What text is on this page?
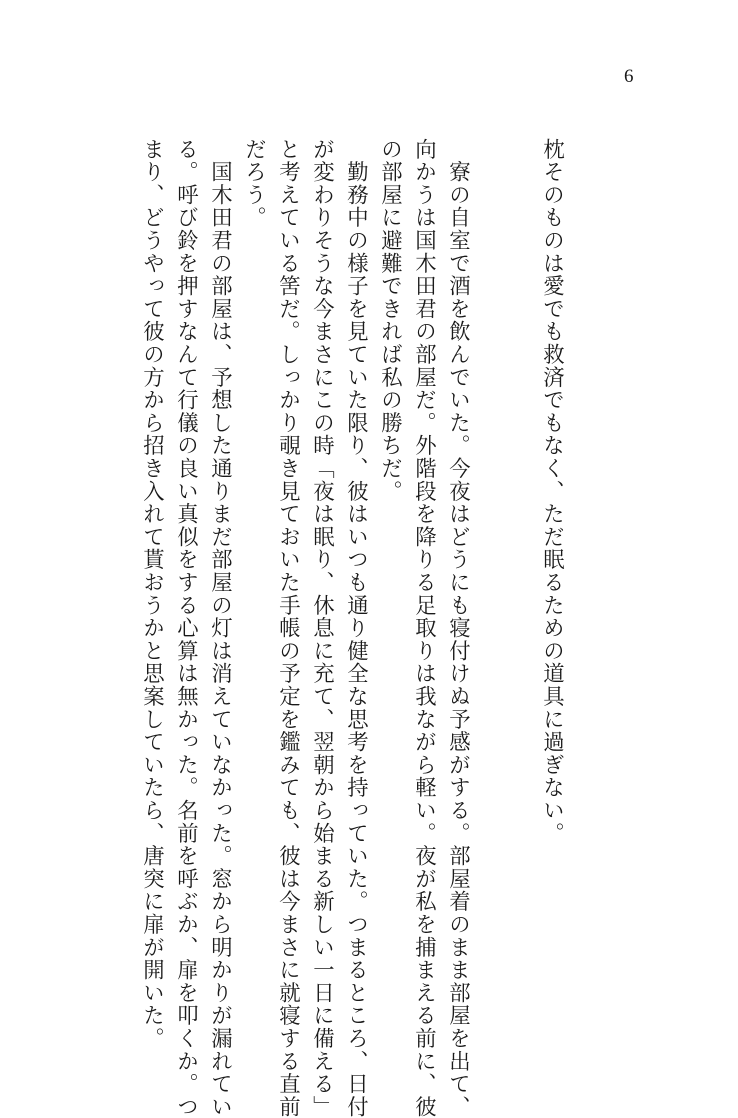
6
枕そのものは愛でも救済でもなく、ただ眠るための道具に過ぎない。
　寮の自室で酒を飲んでいた。今夜はどうにも寝付けぬ予感がする。部屋着のまま部屋を出て、
向かうは国木田君の部屋だ。外階段を降りる足取りは我ながら軽い。夜が私を捕まえる前に、彼
の部屋に避難できれば私の勝ちだ。
　勤務中の様子を見ていた限り、彼はいつも通り健全な思考を持っていた。つまるところ、日付
が変わりそうな今まさにこの時「夜は眠り、休息に充て、翌朝から始まる新しい一日に備える」
と考えている筈だ。しっかり覗き見ておいた手帳の予定を鑑みても、彼は今まさに就寝する直前
だろう。
　国木田君の部屋は、予想した通りまだ部屋の灯は消えていなかった。窓から明かりが漏れてい
る。呼び鈴を押すなんて行儀の良い真似をする心算は無かった。名前を呼ぶか、扉を叩くか。つ
まり、どうやって彼の方から招き入れて貰おうかと思案していたら、唐突に扉が開いた。
